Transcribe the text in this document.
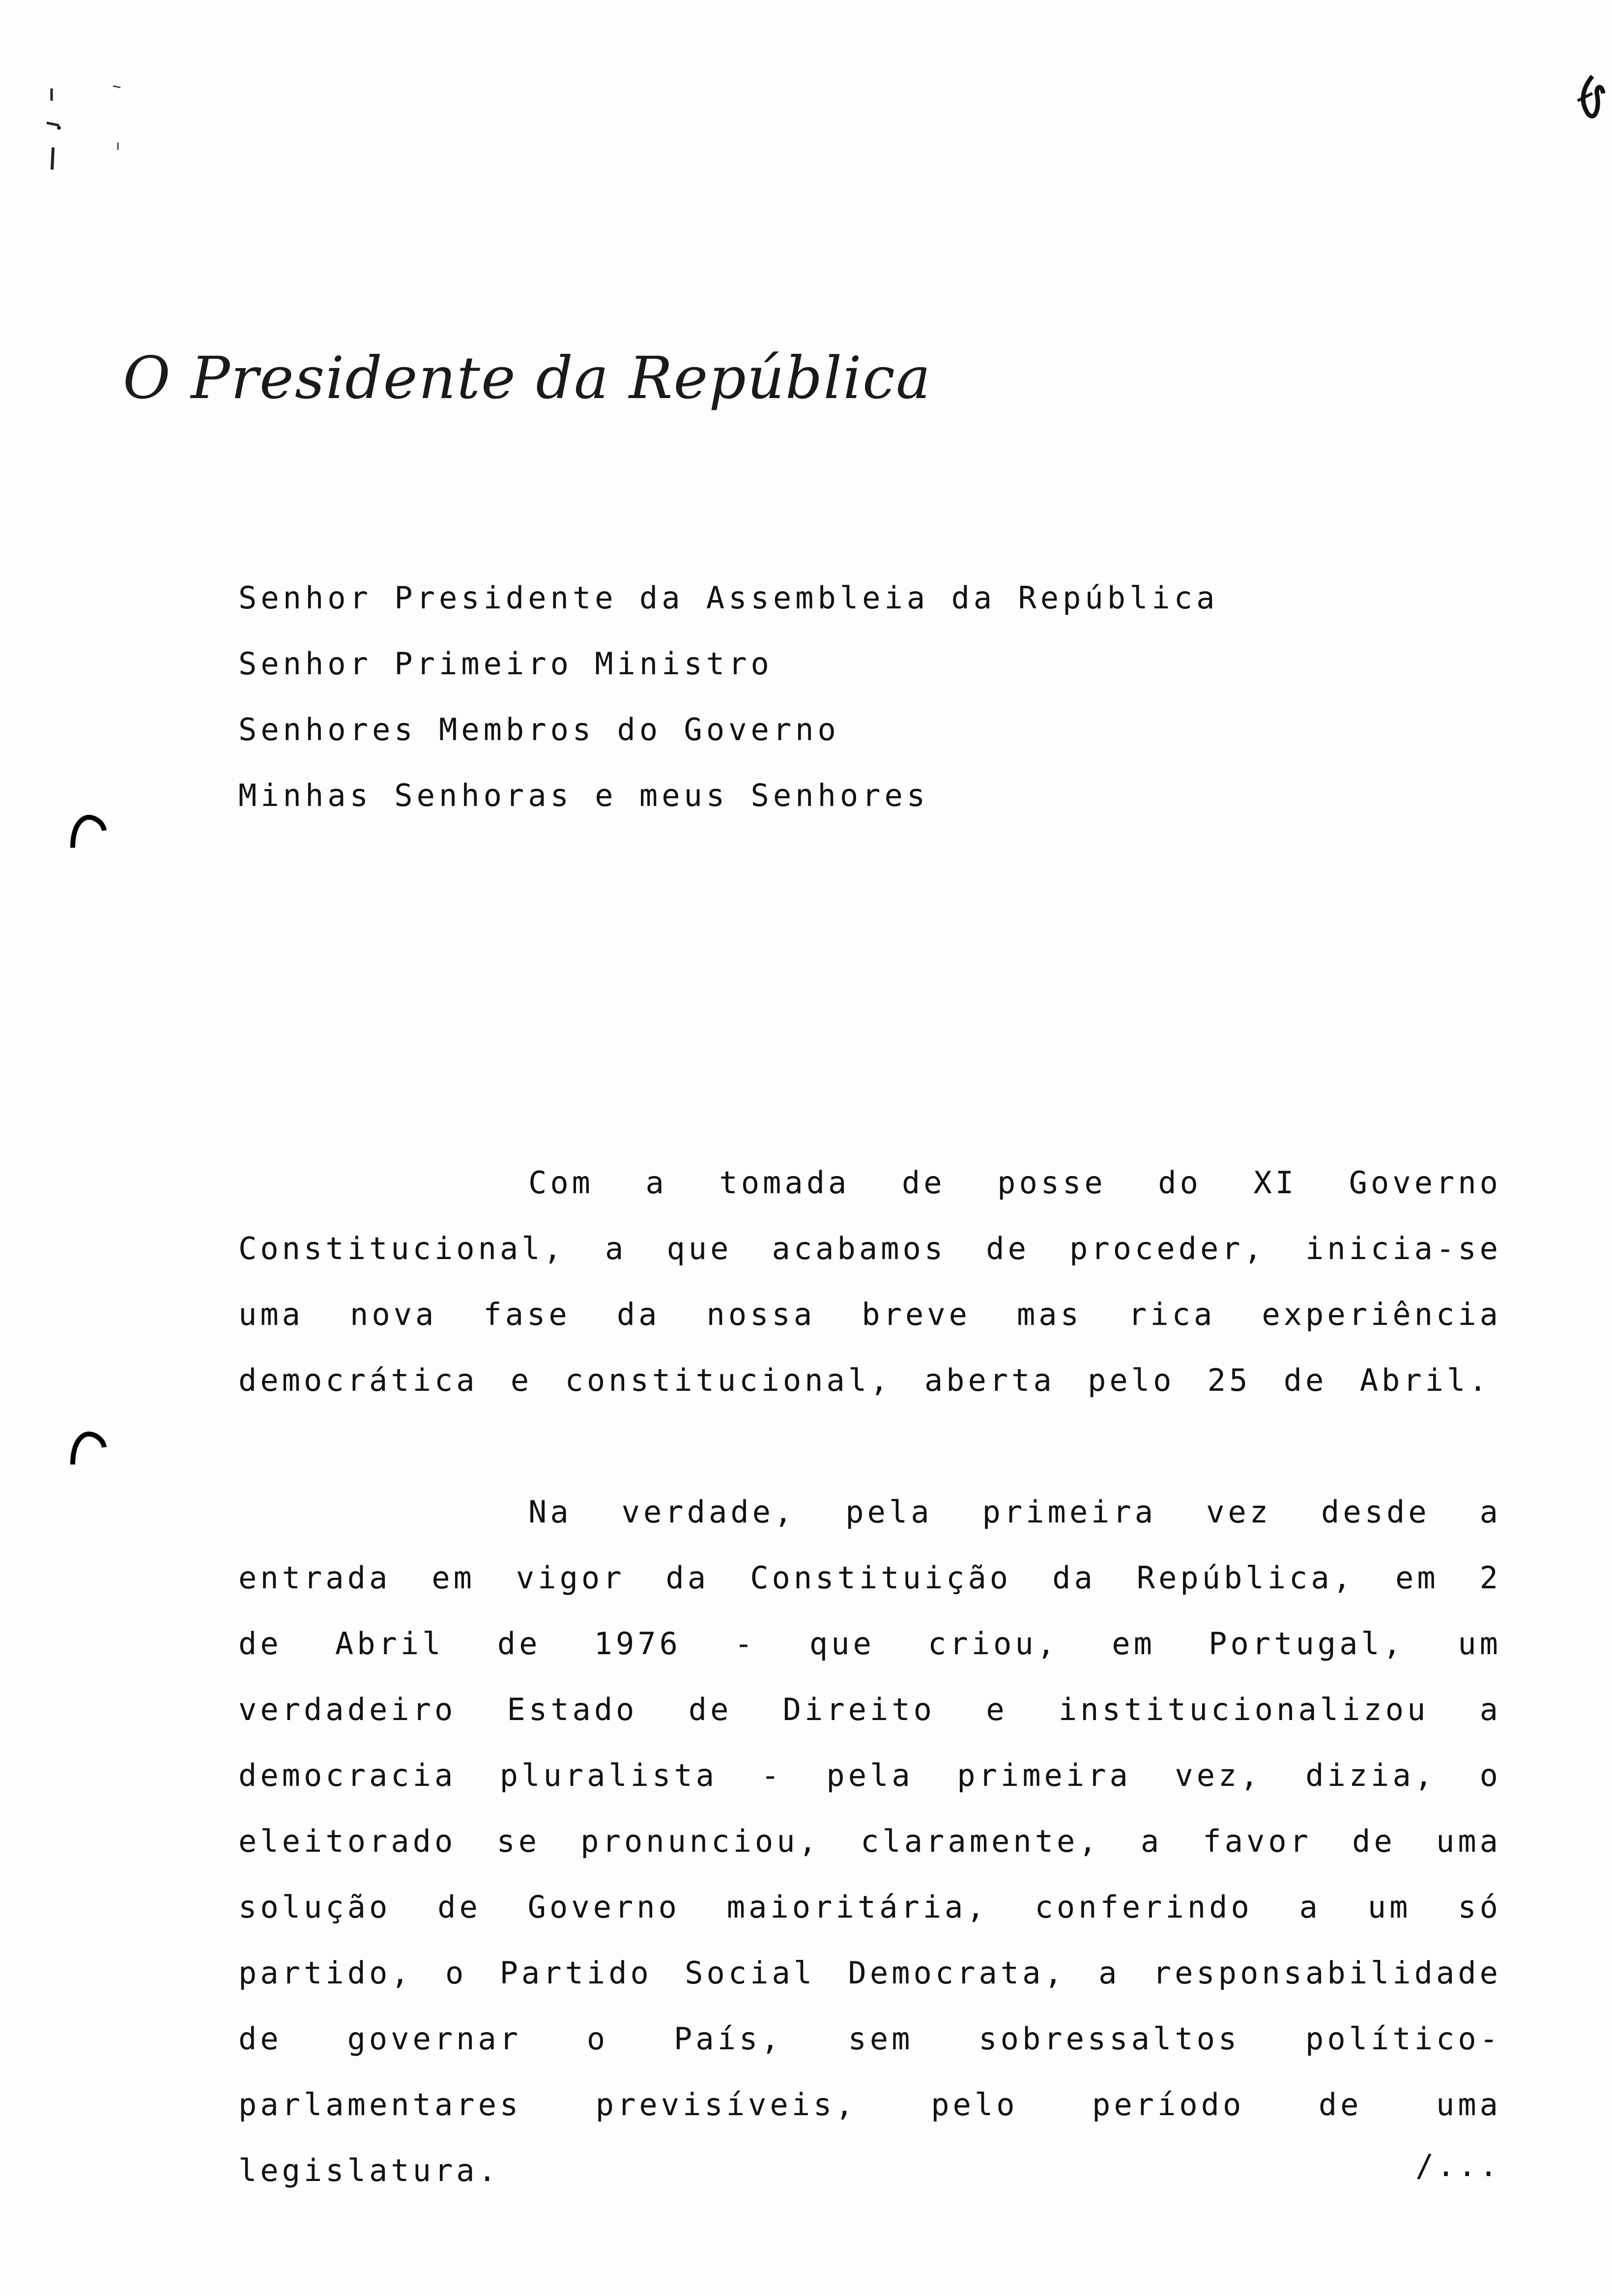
O Presidente da República
Senhor Presidente da Assembleia da República
Senhor Primeiro Ministro
Senhores Membros do Governo
Minhas Senhoras e meus Senhores

Com a tomada de posse do XI Governo Constitucional, a que acabamos de proceder, inicia-se uma nova fase da nossa breve mas rica experiência democrática e constitucional, aberta pelo 25 de Abril.

Na verdade, pela primeira vez desde a entrada em vigor da Constituição da República, em 2 de Abril de 1976 - que criou, em Portugal, um verdadeiro Estado de Direito e institucionalizou a democracia pluralista - pela primeira vez, dizia, o eleitorado se pronunciou, claramente, a favor de uma solução de Governo maioritária, conferindo a um só partido, o Partido Social Democrata, a responsabilidade de governar o País, sem sobressaltos político-parlamentares previsíveis, pelo período de uma legislatura.	/...
